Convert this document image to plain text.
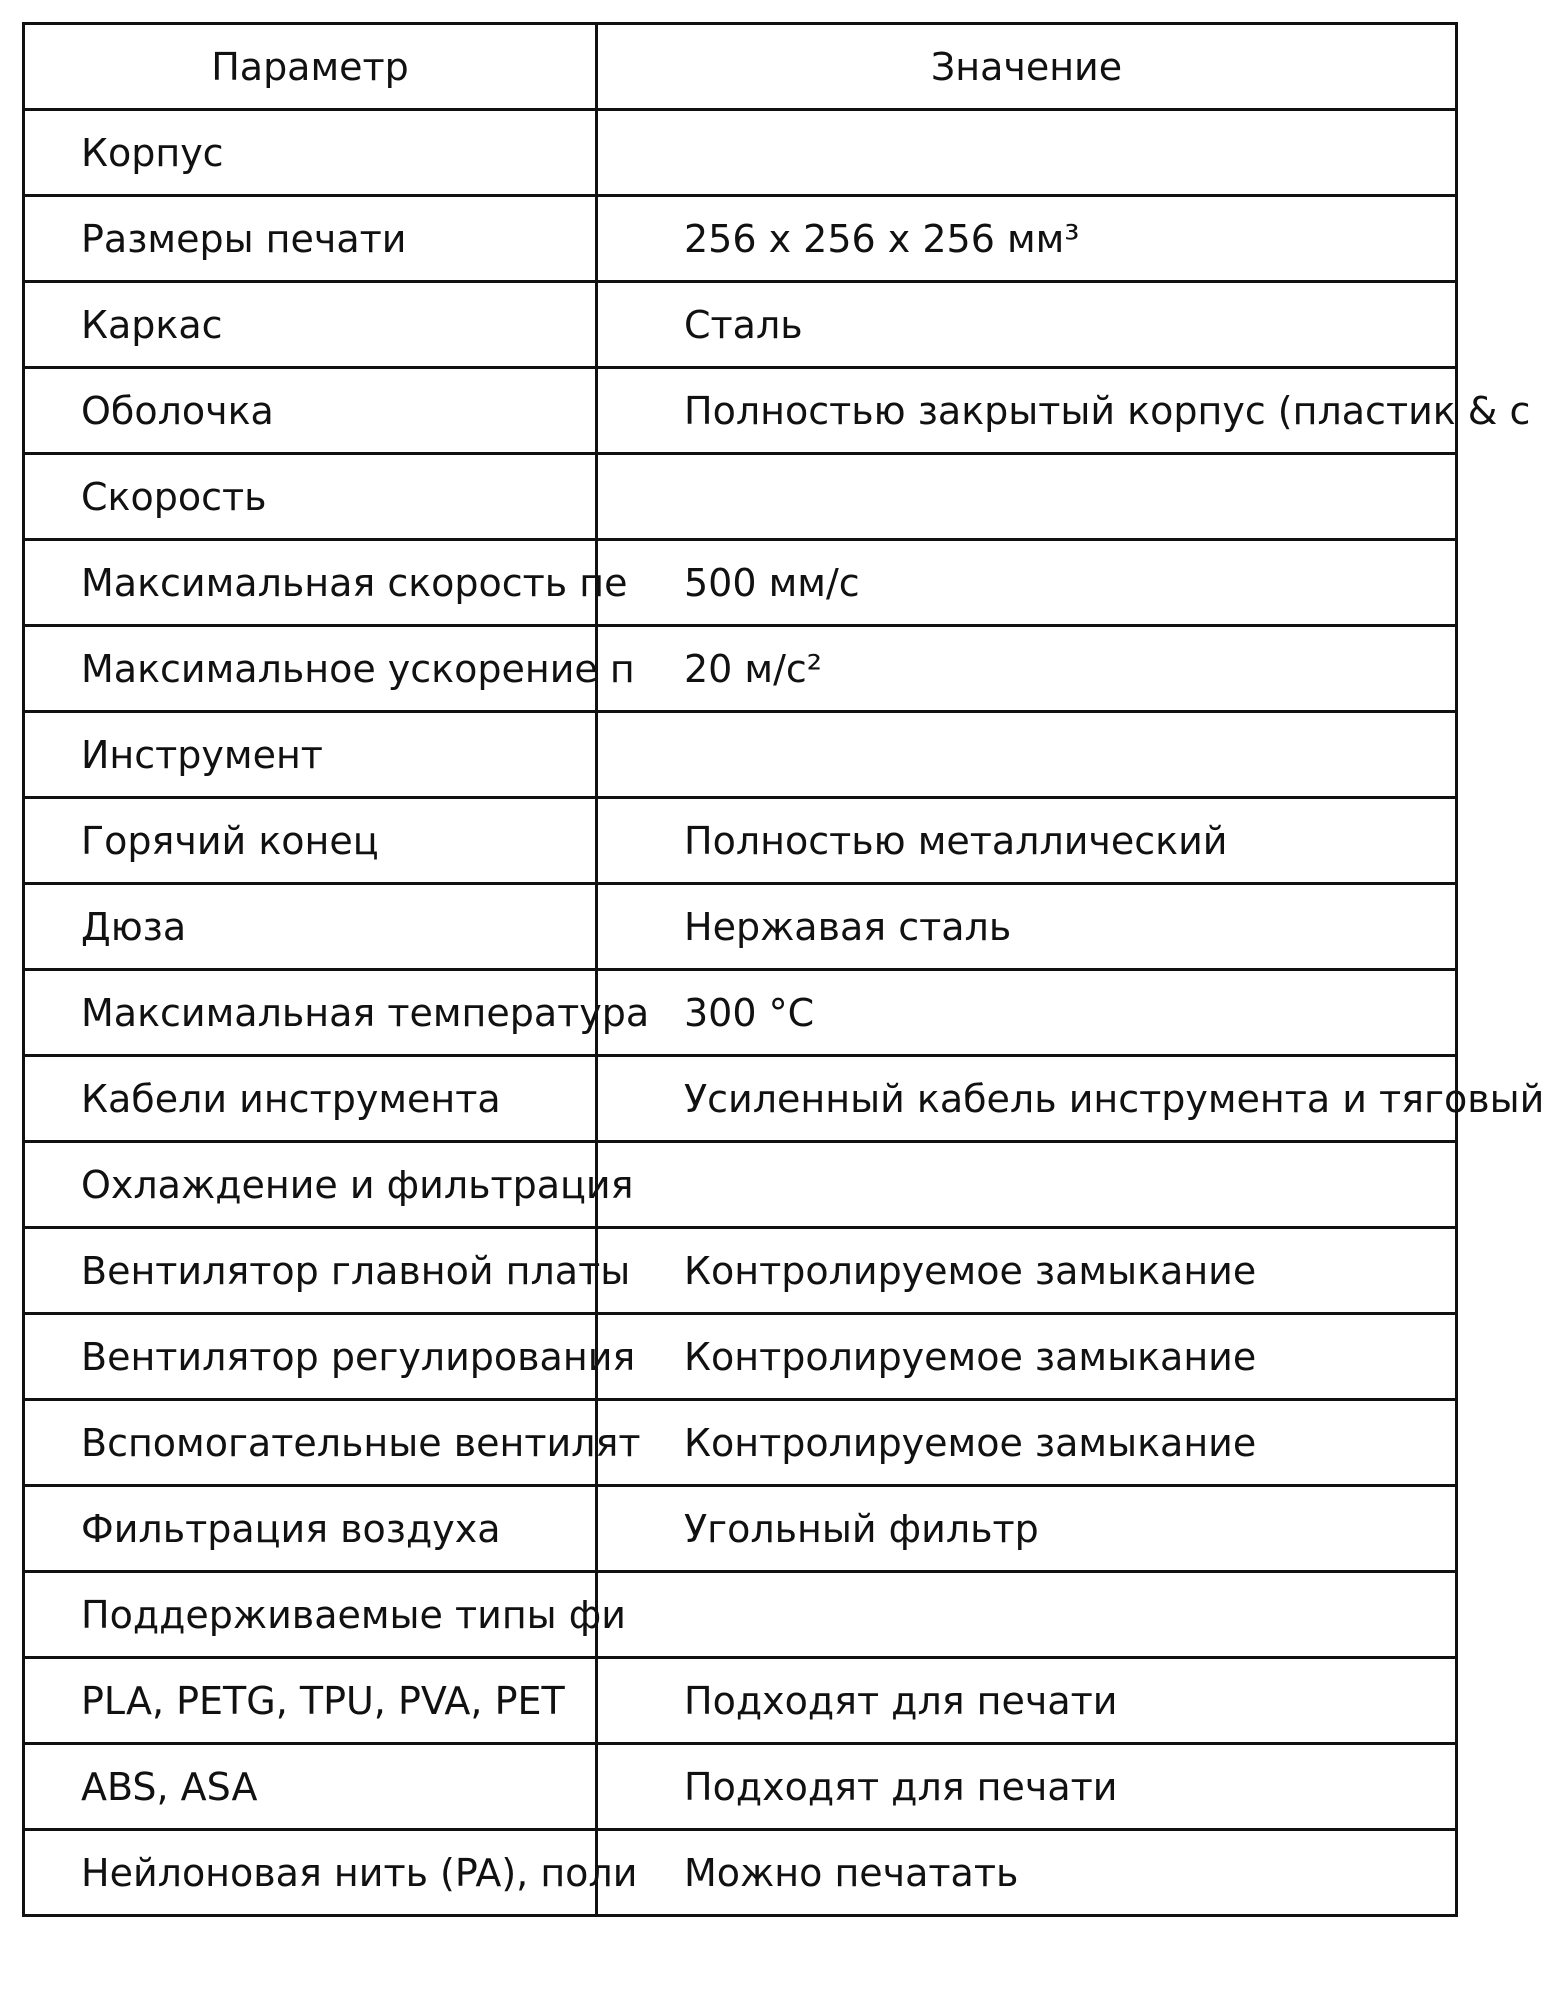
Параметр	Значение

Корпус	

Размеры печати	256 x 256 x 256 мм³

Каркас	Сталь

Оболочка	Полностью закрытый корпус (пластик & с

Скорость	

Максимальная скорость пе	500 мм/с

Максимальное ускорение п	20 м/с²

Инструмент	

Горячий конец	Полностью металлический

Дюза	Нержавая сталь

Максимальная температура	300 °C

Кабели инструмента	Усиленный кабель инструмента и тяговый

Охлаждение и фильтрация	

Вентилятор главной платы	Контролируемое замыкание

Вентилятор регулирования	Контролируемое замыкание

Вспомогательные вентилят	Контролируемое замыкание

Фильтрация воздуха	Угольный фильтр

Поддерживаемые типы фи	

PLA, PETG, TPU, PVA, PET	Подходят для печати

ABS, ASA	Подходят для печати

Нейлоновая нить (PA), поли	Можно печатать
